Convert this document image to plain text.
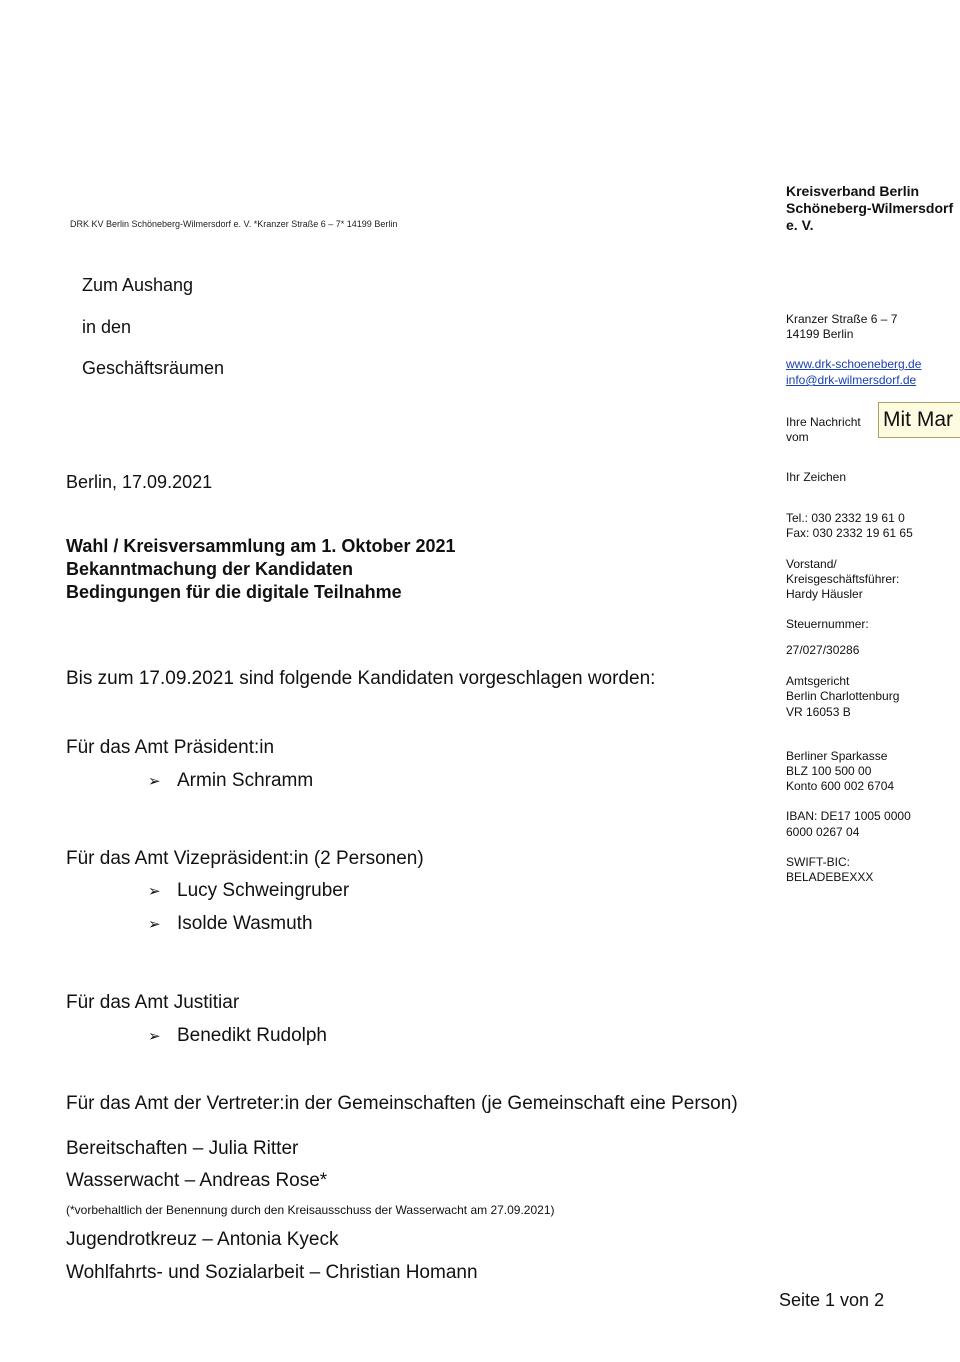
DRK KV Berlin Schöneberg-Wilmersdorf e. V. *Kranzer Straße 6 – 7* 14199 Berlin
Kreisverband Berlin Schöneberg-Wilmersdorf e. V.
Kranzer Straße 6 – 7
14199 Berlin
www.drk-schoeneberg.de
info@drk-wilmersdorf.de
Ihre Nachricht vom
Mit Mar
Ihr Zeichen
Tel.: 030 2332 19 61 0
Fax: 030 2332 19 61 65
Vorstand/
Kreisgeschäftsführer:
Hardy Häusler
Steuernummer:
27/027/30286
Amtsgericht
Berlin Charlottenburg
VR 16053 B
Berliner Sparkasse
BLZ 100 500 00
Konto 600 002 6704
IBAN: DE17 1005 0000
6000 0267 04
SWIFT-BIC:
BELADEBEXXX
Zum Aushang
in den
Geschäftsräumen
Berlin, 17.09.2021
Wahl / Kreisversammlung am 1. Oktober 2021
Bekanntmachung der Kandidaten
Bedingungen für die digitale Teilnahme
Bis zum 17.09.2021 sind folgende Kandidaten vorgeschlagen worden:
Für das Amt Präsident:in
➢ Armin Schramm
Für das Amt Vizepräsident:in (2 Personen)
➢ Lucy Schweingruber
➢ Isolde Wasmuth
Für das Amt Justitiar
➢ Benedikt Rudolph
Für das Amt der Vertreter:in der Gemeinschaften (je Gemeinschaft eine Person)
Bereitschaften – Julia Ritter
Wasserwacht – Andreas Rose*
(*vorbehaltlich der Benennung durch den Kreisausschuss der Wasserwacht am 27.09.2021)
Jugendrotkreuz – Antonia Kyeck
Wohlfahrts- und Sozialarbeit – Christian Homann
Seite 1 von 2
